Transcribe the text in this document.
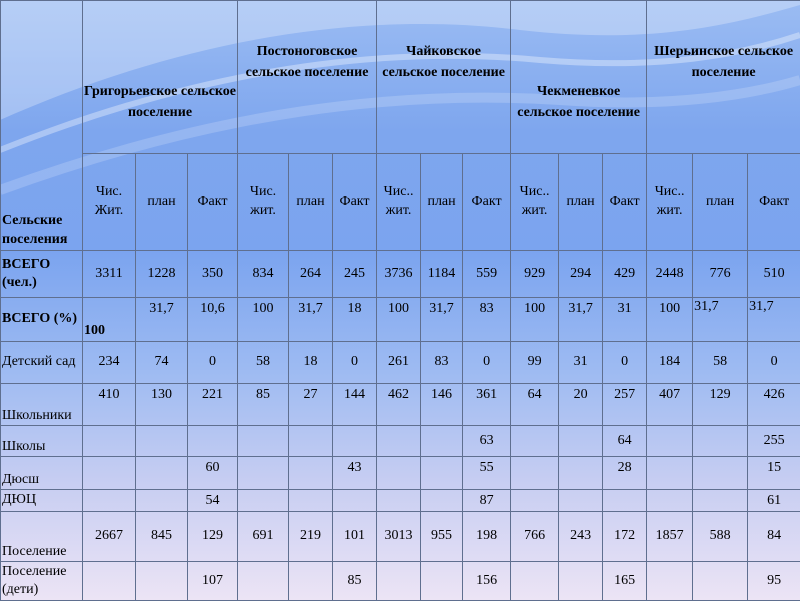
Сельские поселения	Григорьевское сельское поселение			Постоноговское сельское поселение			Чайковское сельское поселение			Чекменевкое сельское поселение			Шерьинское сельское поселение		
	Чис. Жит.	план	Факт	Чис. жит.	план	Факт	Чис.. жит.	план	Факт	Чис.. жит.	план	Факт	Чис.. жит.	план	Факт
ВСЕГО (чел.)	3311	1228	350	834	264	245	3736	1184	559	929	294	429	2448	776	510
ВСЕГО (%)	100	31,7	10,6	100	31,7	18	100	31,7	83	100	31,7	31	100	31,7	31,7
Детский сад	234	74	0	58	18	0	261	83	0	99	31	0	184	58	0
Школьники	410	130	221	85	27	144	462	146	361	64	20	257	407	129	426
Школы									63			64			255
Дюсш			60			43			55			28			15
ДЮЦ			54						87						61
Поселение	2667	845	129	691	219	101	3013	955	198	766	243	172	1857	588	84
Поселение (дети)			107			85			156			165			95
